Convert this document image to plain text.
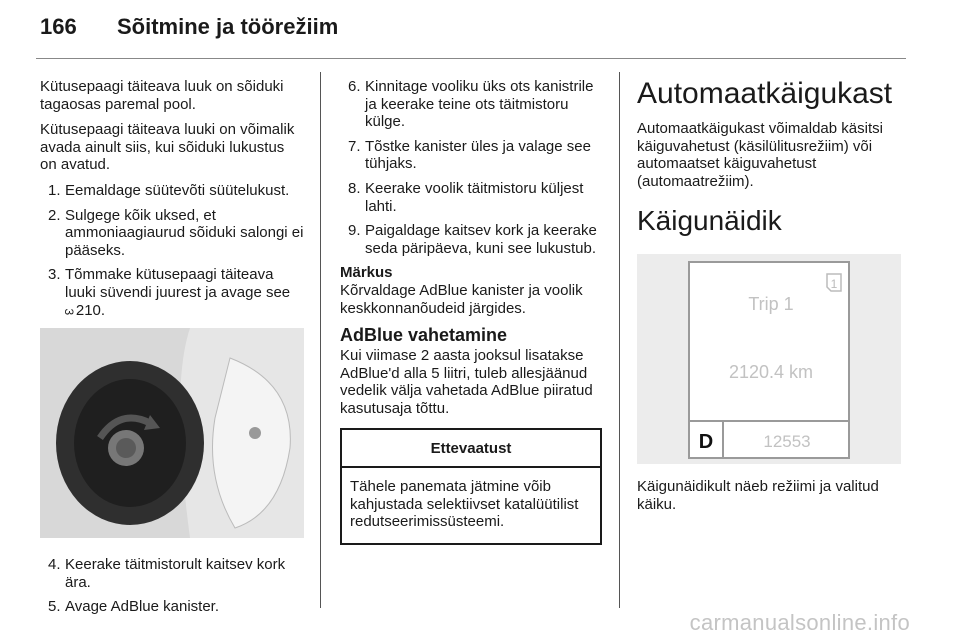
166 Sõitmine ja töörežiim

Kütusepaagi täiteava luuk on sõiduki tagaosas paremal pool.

Kütusepaagi täiteava luuki on võimalik avada ainult siis, kui sõiduki lukustus on avatud.

1. Eemaldage süütevõti süütelukust.
2. Sulgege kõik uksed, et ammoniaagiaurud sõiduki salongi ei pääseks.
3. Tõmmake kütusepaagi täiteava luuki süvendi juurest ja avage see
3 210.
4. Keerake täitmistorult kaitsev kork ära.
5. Avage AdBlue kanister.
6. Kinnitage vooliku üks ots kanistrile ja keerake teine ots täitmistoru külge.
7. Tõstke kanister üles ja valage see tühjaks.
8. Keerake voolik täitmistoru küljest lahti.
9. Paigaldage kaitsev kork ja keerake seda päripäeva, kuni see lukustub.
Märkus

Kõrvaldage AdBlue kanister ja voolik keskkonnanõudeid järgides.

AdBlue vahetamine

Kui viimase 2 aasta jooksul lisatakse AdBlue'd alla 5 liitri, tuleb allesjäänud vedelik välja vahetada AdBlue piiratud kasutusaja tõttu.

Ettevaatust
Tähele panemata jätmine võib kahjustada selektiivset katalüütilist redutseerimissüsteemi.
Automaatkäigukast

Automaatkäigukast võimaldab käsitsi käiguvahetust (käsilülitusrežiim) või automaatset käiguvahetust (automaatrežiim).

Käigunäidik
1
Trip 1
2120.4 km
D	12553

Käigunäidikult näeb režiimi ja valitud käiku.

carmanualsonline.info
